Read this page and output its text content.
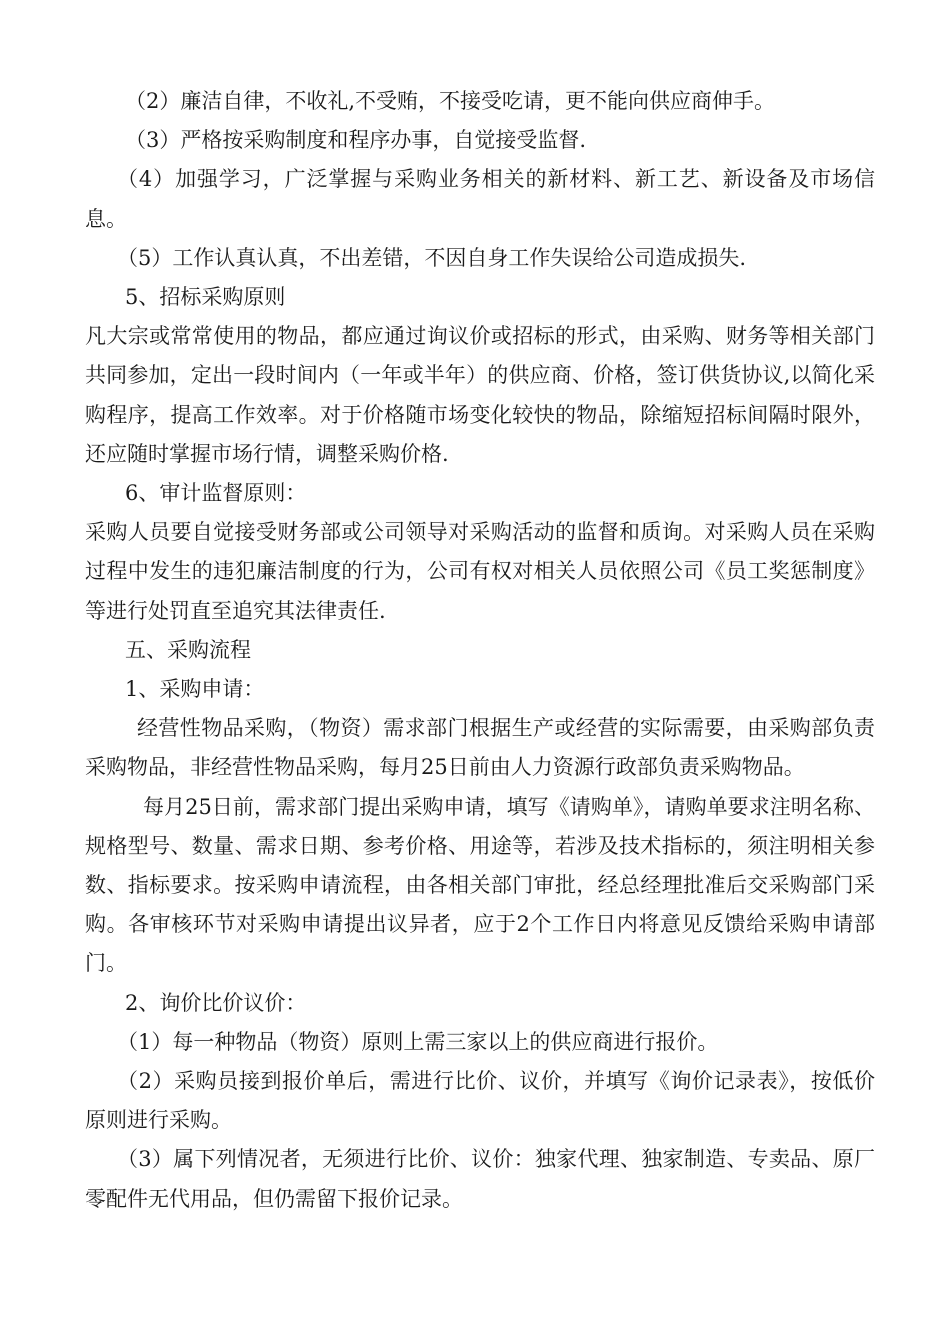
（2）廉洁自律，不收礼,不受贿，不接受吃请，更不能向供应商伸手。

（3）严格按采购制度和程序办事，自觉接受监督.

（4）加强学习，广泛掌握与采购业务相关的新材料、新工艺、新设备及市场信息。

（5）工作认真认真，不出差错，不因自身工作失误给公司造成损失.

5、招标采购原则

凡大宗或常常使用的物品，都应通过询议价或招标的形式，由采购、财务等相关部门共同参加，定出一段时间内（一年或半年）的供应商、价格，签订供货协议,以简化采购程序，提高工作效率。对于价格随市场变化较快的物品，除缩短招标间隔时限外，还应随时掌握市场行情，调整采购价格.

6、审计监督原则：

采购人员要自觉接受财务部或公司领导对采购活动的监督和质询。对采购人员在采购过程中发生的违犯廉洁制度的行为，公司有权对相关人员依照公司《员工奖惩制度》等进行处罚直至追究其法律责任.

五、采购流程

1、采购申请：

经营性物品采购，（物资）需求部门根据生产或经营的实际需要，由采购部负责采购物品，非经营性物品采购，每月25日前由人力资源行政部负责采购物品。

每月25日前，需求部门提出采购申请，填写《请购单》，请购单要求注明名称、规格型号、数量、需求日期、参考价格、用途等，若涉及技术指标的，须注明相关参数、指标要求。按采购申请流程，由各相关部门审批，经总经理批准后交采购部门采购。各审核环节对采购申请提出议异者，应于2个工作日内将意见反馈给采购申请部门。

2、询价比价议价：

（1）每一种物品（物资）原则上需三家以上的供应商进行报价。

（2）采购员接到报价单后，需进行比价、议价，并填写《询价记录表》，按低价原则进行采购。

（3）属下列情况者，无须进行比价、议价：独家代理、独家制造、专卖品、原厂零配件无代用品，但仍需留下报价记录。
